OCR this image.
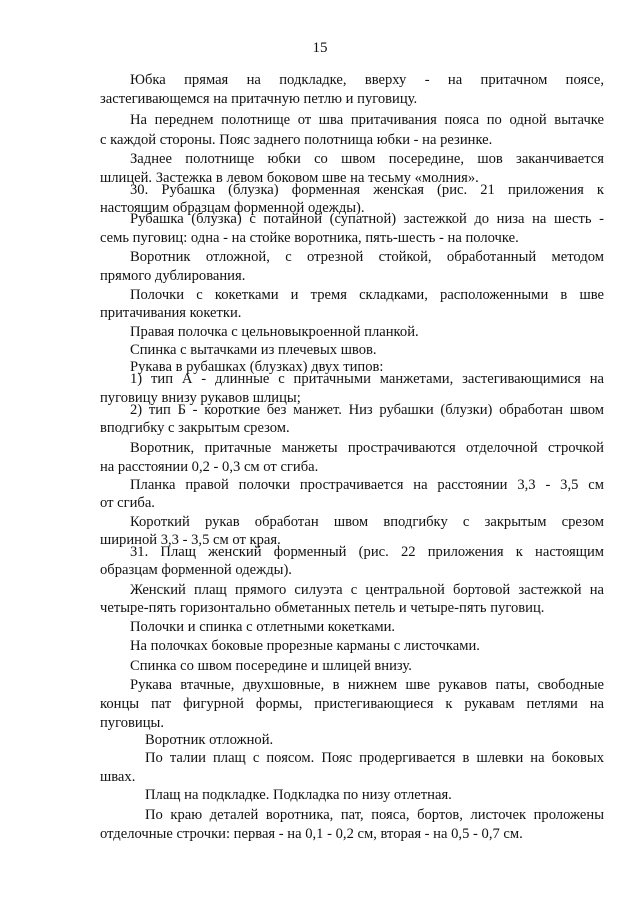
15
Юбка прямая на подкладке, вверху - на притачном поясе,
застегивающемся на притачную петлю и пуговицу.
На переднем полотнище от шва притачивания пояса по одной вытачке
с каждой стороны. Пояс заднего полотнища юбки - на резинке.
Заднее полотнище юбки со швом посередине, шов заканчивается
шлицей. Застежка в левом боковом шве на тесьму «молния».
30. Рубашка (блузка) форменная женская (рис. 21 приложения к
настоящим образцам форменной одежды).
Рубашка (блузка) с потайной (супатной) застежкой до низа на шесть -
семь пуговиц: одна - на стойке воротника, пять-шесть - на полочке.
Воротник отложной, с отрезной стойкой, обработанный методом
прямого дублирования.
Полочки с кокетками и тремя складками, расположенными в шве
притачивания кокетки.
Правая полочка с цельновыкроенной планкой.
Спинка с вытачками из плечевых швов.
Рукава в рубашках (блузках) двух типов:
1) тип А - длинные с притачными манжетами, застегивающимися на
пуговицу внизу рукавов шлицы;
2) тип Б - короткие без манжет. Низ рубашки (блузки) обработан швом
вподгибку с закрытым срезом.
Воротник, притачные манжеты прострачиваются отделочной строчкой
на расстоянии 0,2 - 0,3 см от сгиба.
Планка правой полочки прострачивается на расстоянии 3,3 - 3,5 см
от сгиба.
Короткий рукав обработан швом вподгибку с закрытым срезом
шириной 3,3 - 3,5 см от края.
31. Плащ женский форменный (рис. 22 приложения к настоящим
образцам форменной одежды).
Женский плащ прямого силуэта с центральной бортовой застежкой на
четыре-пять горизонтально обметанных петель и четыре-пять пуговиц.
Полочки и спинка с отлетными кокетками.
На полочках боковые прорезные карманы с листочками.
Спинка со швом посередине и шлицей внизу.
Рукава втачные, двухшовные, в нижнем шве рукавов паты, свободные
концы пат фигурной формы, пристегивающиеся к рукавам петлями на
пуговицы.
Воротник отложной.
По талии плащ с поясом. Пояс продергивается в шлевки на боковых
швах.
Плащ на подкладке. Подкладка по низу отлетная.
По краю деталей воротника, пат, пояса, бортов, листочек проложены
отделочные строчки: первая - на 0,1 - 0,2 см, вторая - на 0,5 - 0,7 см.
